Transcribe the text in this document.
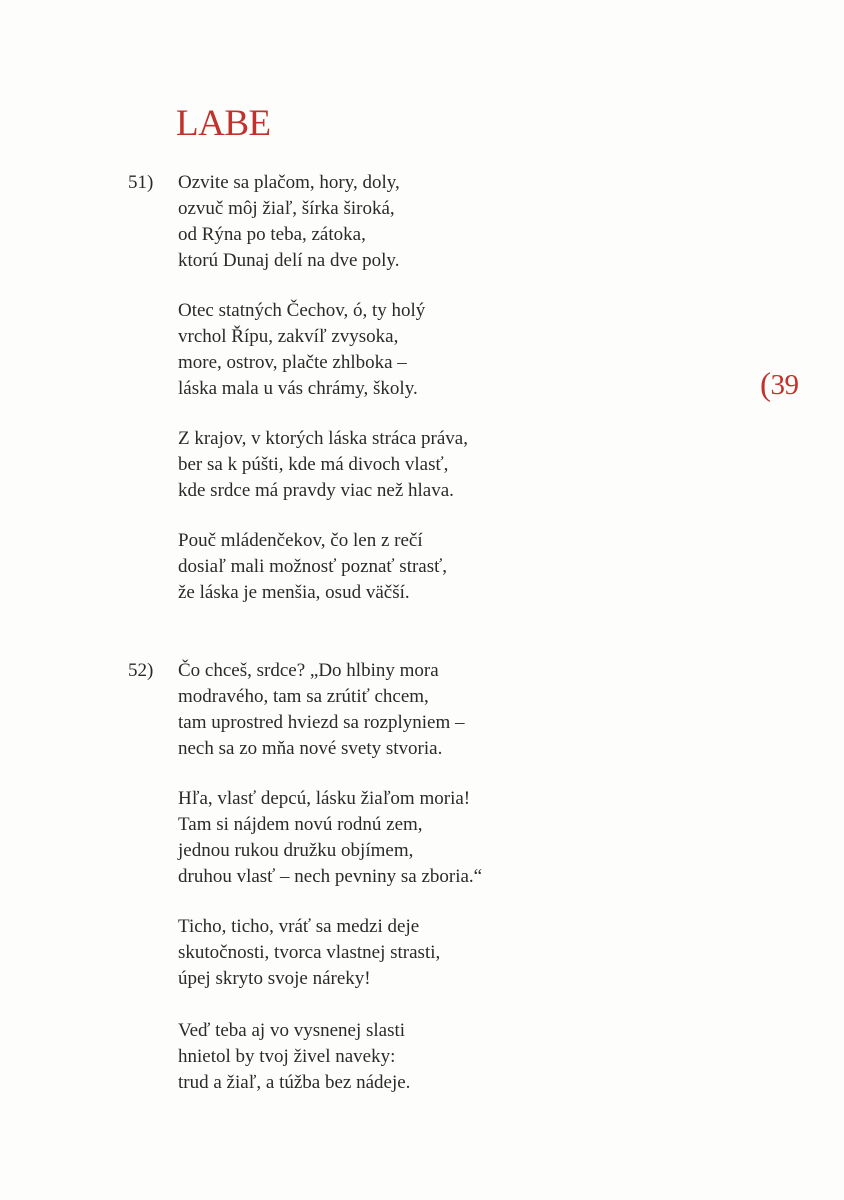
LABE
(39
51) Ozvite sa plačom, hory, doly,
ozvuč môj žiaľ, šírka široká,
od Rýna po teba, zátoka,
ktorú Dunaj delí na dve poly.
Otec statných Čechov, ó, ty holý
vrchol Řípu, zakvíľ zvysoka,
more, ostrov, plačte zhlboka –
láska mala u vás chrámy, školy.
Z krajov, v ktorých láska stráca práva,
ber sa k púšti, kde má divoch vlasť,
kde srdce má pravdy viac než hlava.
Pouč mládenčekov, čo len z rečí
dosiaľ mali možnosť poznať strasť,
že láska je menšia, osud väčší.
52) Čo chceš, srdce? „Do hlbiny mora
modravého, tam sa zrútiť chcem,
tam uprostred hviezd sa rozplyniem –
nech sa zo mňa nové svety stvoria.
Hľa, vlasť depcú, lásku žiaľom moria!
Tam si nájdem novú rodnú zem,
jednou rukou družku objímem,
druhou vlasť – nech pevniny sa zboria.“
Ticho, ticho, vráť sa medzi deje
skutočnosti, tvorca vlastnej strasti,
úpej skryto svoje náreky!
Veď teba aj vo vysnenej slasti
hnietol by tvoj živel naveky:
trud a žiaľ, a túžba bez nádeje.
